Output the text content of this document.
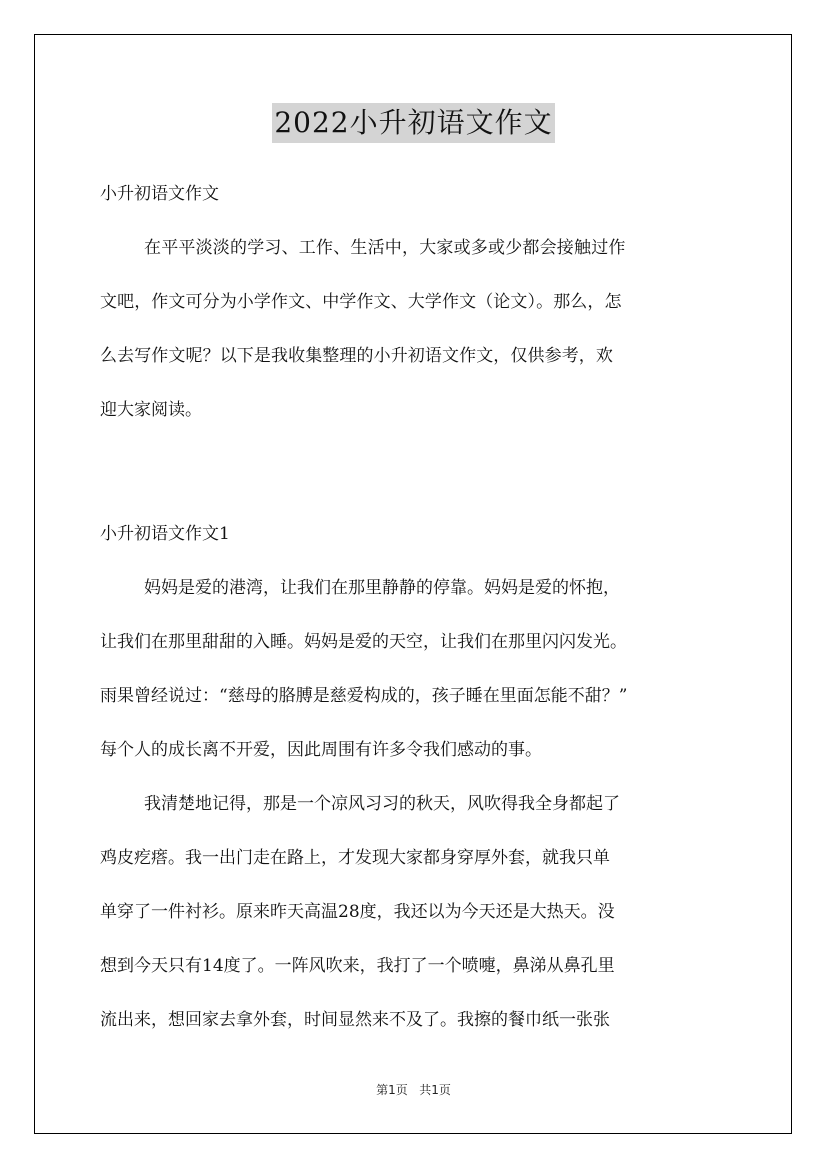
2022小升初语文作文
小升初语文作文
在平平淡淡的学习、工作、生活中，大家或多或少都会接触过作
文吧，作文可分为小学作文、中学作文、大学作文（论文）。那么，怎
么去写作文呢？以下是我收集整理的小升初语文作文，仅供参考，欢
迎大家阅读。
小升初语文作文1
妈妈是爱的港湾，让我们在那里静静的停靠。妈妈是爱的怀抱，
让我们在那里甜甜的入睡。妈妈是爱的天空，让我们在那里闪闪发光。
雨果曾经说过：“慈母的胳膊是慈爱构成的，孩子睡在里面怎能不甜？”
每个人的成长离不开爱，因此周围有许多令我们感动的事。
我清楚地记得，那是一个凉风习习的秋天，风吹得我全身都起了
鸡皮疙瘩。我一出门走在路上，才发现大家都身穿厚外套，就我只单
单穿了一件衬衫。原来昨天高温28度，我还以为今天还是大热天。没
想到今天只有14度了。一阵风吹来，我打了一个喷嚏，鼻涕从鼻孔里
流出来，想回家去拿外套，时间显然来不及了。我擦的餐巾纸一张张
第1页 共1页
